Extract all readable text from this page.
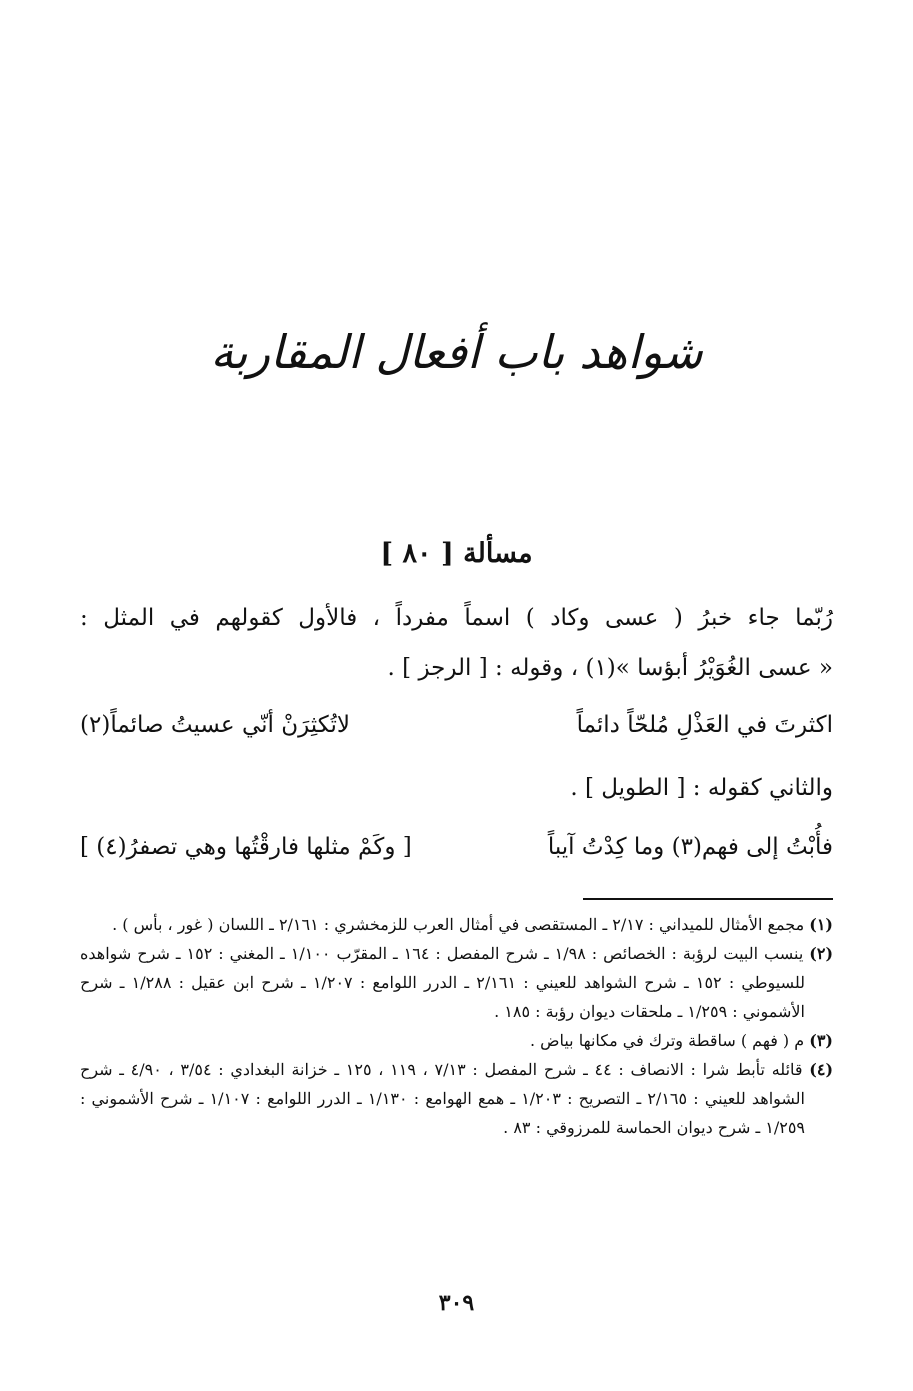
شواهد باب أفعال المقاربة
مسألة [ ٨٠ ]
رُبّما جاء خبرُ ( عسى وكاد ) اسماً مفرداً ، فالأول كقولهم في المثل :
« عسى الغُوَيْرُ أبؤسا »(١) ، وقوله : [ الرجز ] .
اكثرتَ في العَذْلِ مُلحّاً دائماً
لاتُكثِرَنْ أنّي عسيتُ صائماً(٢)
والثاني كقوله : [ الطويل ] .
فأُبْتُ إلى فهم(٣) وما كِدْتُ آيباً
[ وكَمْ مثلها فارقْتُها وهي تصفرُ(٤) ]

(١) مجمع الأمثال للميداني : ٢/١٧ ـ المستقصى في أمثال العرب للزمخشري : ٢/١٦١ ـ اللسان ( غور ، بأس ) .

(٢) ينسب البيت لرؤبة : الخصائص : ١/٩٨ ـ شرح المفصل : ١٦٤ ـ المقرّب ١/١٠٠ ـ المغني : ١٥٢ ـ شرح شواهده للسيوطي : ١٥٢ ـ شرح الشواهد للعيني : ٢/١٦١ ـ الدرر اللوامع : ١/٢٠٧ ـ شرح ابن عقيل : ١/٢٨٨ ـ شرح الأشموني : ١/٢٥٩ ـ ملحقات ديوان رؤبة : ١٨٥ .

(٣) م ( فهم ) ساقطة وترك في مكانها بياض .

(٤) قائله تأبط شرا : الانصاف : ٤٤ ـ شرح المفصل : ٧/١٣ ، ١١٩ ، ١٢٥ ـ خزانة البغدادي : ٣/٥٤ ، ٤/٩٠ ـ شرح الشواهد للعيني : ٢/١٦٥ ـ التصريح : ١/٢٠٣ ـ همع الهوامع : ١/١٣٠ ـ الدرر اللوامع : ١/١٠٧ ـ شرح الأشموني : ١/٢٥٩ ـ شرح ديوان الحماسة للمرزوقي : ٨٣ .

٣٠٩
